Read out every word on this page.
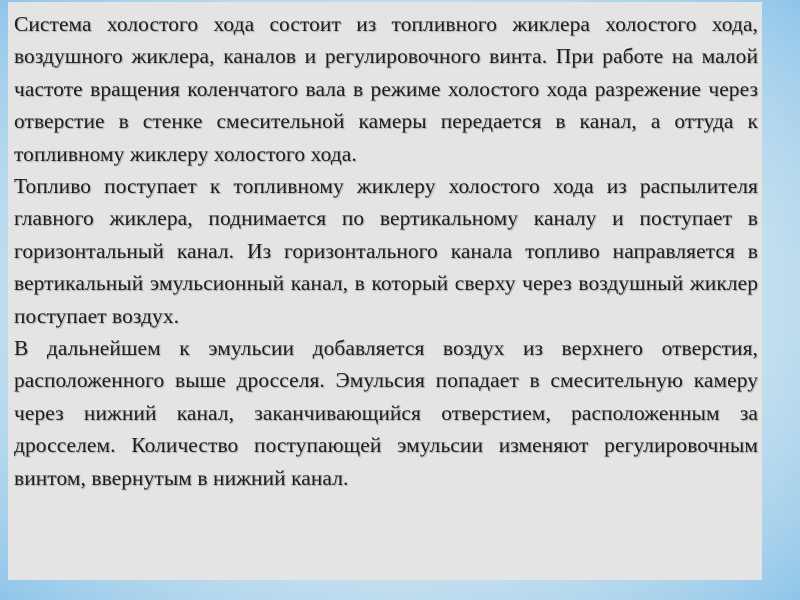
Система холостого хода состоит из топливного жиклера холостого хода, воздушного жиклера, каналов и регулировочного винта. При работе на малой частоте вращения коленчатого вала в режиме холостого хода разрежение через отверстие в стенке смесительной камеры передается в канал, а оттуда к топливному жиклеру холостого хода.

Топливо поступает к топливному жиклеру холостого хода из распылителя главного жиклера, поднимается по вертикальному каналу и поступает в горизонтальный канал. Из горизонтального канала топливо направляется в вертикальный эмульсионный канал, в который сверху через воздушный жиклер поступает воздух.

В дальнейшем к эмульсии добавляется воздух из верхнего отверстия, расположенного выше дросселя. Эмульсия попадает в смесительную камеру через нижний канал, заканчивающийся отверстием, расположенным за дросселем. Количество поступающей эмульсии изменяют регулировочным винтом, ввернутым в нижний канал.
